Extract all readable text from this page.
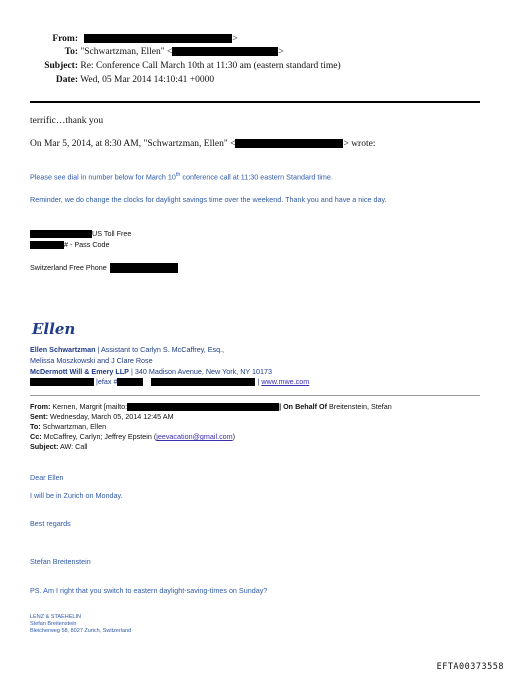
From:	>
To: "Schwartzman, Ellen" <	>
Subject: Re: Conference Call March 10th at 11:30 am (eastern standard time)
Date: Wed, 05 Mar 2014 14:10:41 +0000
terrific…thank you
On Mar 5, 2014, at 8:30 AM, "Schwartzman, Ellen" <	> wrote:
Please see dial in number below for March 10th conference call at 11:30 eastern Standard time.
Reminder, we do change the clocks for daylight savings time over the weekend. Thank you and have a nice day.
US Toll Free
# - Pass Code
Switzerland Free Phone
Ellen
Ellen Schwartzman | Assistant to Carlyn S. McCaffrey, Esq.,
Melissa Moszkowski and J Clare Rose
McDermott Will & Emery LLP | 340 Madison Avenue, New York, NY 10173
|efax #	| www.mwe.com
From: Kernen, Margrit [mailto:	| On Behalf Of Breitenstein, Stefan
Sent: Wednesday, March 05, 2014 12:45 AM
To: Schwartzman, Ellen
Cc: McCaffrey, Carlyn; Jeffrey Epstein (jeevacation@gmail.com)
Subject: AW: Call
Dear Ellen
I will be in Zurich on Monday.
Best regards
Stefan Breitenstein
PS. Am I right that you switch to eastern daylight-saving-times on Sunday?
LENZ & STAEHELIN
Stefan Breitenstein
Bleicherweg 58, 8027 Zurich, Switzerland
EFTA00373558
